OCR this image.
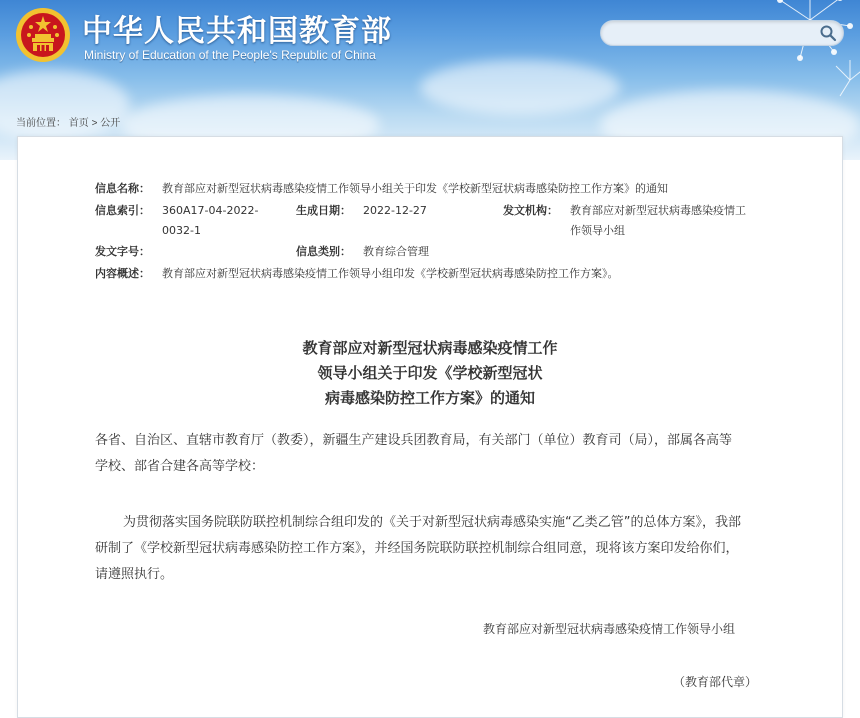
中华人民共和国教育部
Ministry of Education of the People's Republic of China
当前位置： 首页 > 公开
信息名称： 教育部应对新型冠状病毒感染疫情工作领导小组关于印发《学校新型冠状病毒感染防控工作方案》的通知
信息索引： 360A17-04-2022-
0032-1
生成日期： 2022-12-27	发文机构： 教育部应对新型冠状病毒感染疫情工
作领导小组
发文字号：	信息类别： 教育综合管理
内容概述： 教育部应对新型冠状病毒感染疫情工作领导小组印发《学校新型冠状病毒感染防控工作方案》。
教育部应对新型冠状病毒感染疫情工作
领导小组关于印发《学校新型冠状
病毒感染防控工作方案》的通知
各省、自治区、直辖市教育厅（教委），新疆生产建设兵团教育局，有关部门（单位）教育司（局），部属各高等
学校、部省合建各高等学校：
为贯彻落实国务院联防联控机制综合组印发的《关于对新型冠状病毒感染实施“乙类乙管”的总体方案》，我部
研制了《学校新型冠状病毒感染防控工作方案》，并经国务院联防联控机制综合组同意，现将该方案印发给你们，
请遵照执行。
教育部应对新型冠状病毒感染疫情工作领导小组
（教育部代章）
